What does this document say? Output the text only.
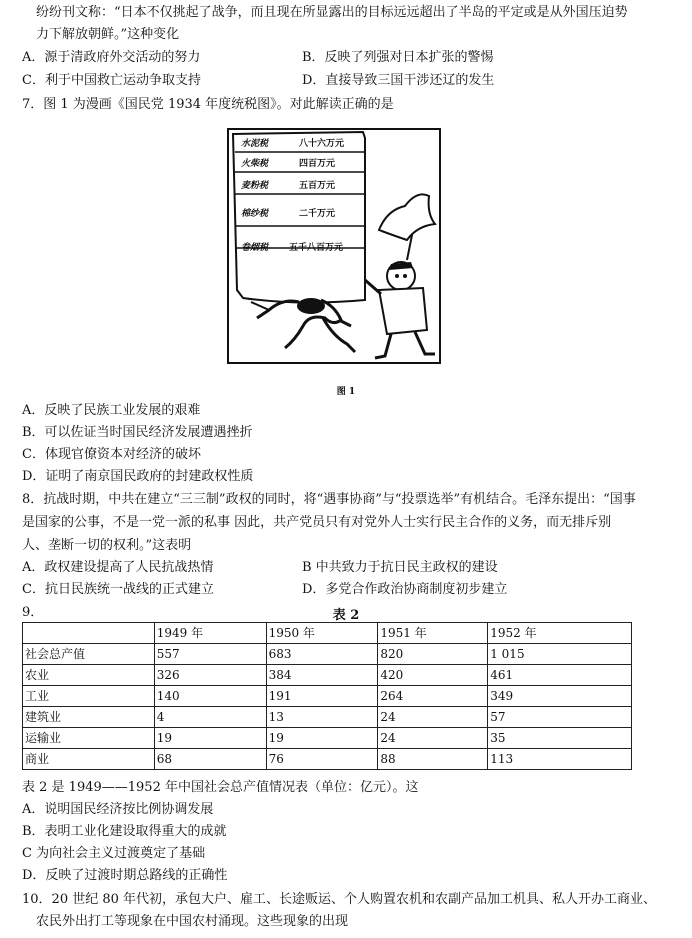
纷纷刊文称：“日本不仅挑起了战争，而且现在所显露出的目标远远超出了半岛的平定或是从外国压迫势
力下解放朝鲜。”这种变化
A．源于清政府外交活动的努力	B．反映了列强对日本扩张的警惕
C．利于中国救亡运动争取支持	D．直接导致三国干涉还辽的发生
7．图 1 为漫画《国民党 1934 年度统税图》。对此解读正确的是
水泥税	八十六万元
火柴税	四百万元
麦粉税	五百万元
棉纱税	二千万元
卷烟税 五千八百万元
图 1
A．反映了民族工业发展的艰难
B．可以佐证当时国民经济发展遭遇挫折
C．体现官僚资本对经济的破坏
D．证明了南京国民政府的封建政权性质
8．抗战时期，中共在建立“三三制”政权的同时，将“遇事协商”与“投票选举”有机结合。毛泽东提出：“国事
是国家的公事，不是一党一派的私事 因此，共产党员只有对党外人士实行民主合作的义务，而无排斥别
人、垄断一切的权利。”这表明
A．政权建设提高了人民抗战热情	B 中共致力于抗日民主政权的建设
C．抗日民族统一战线的正式建立	D．多党合作政治协商制度初步建立
9．	表 2
	1949 年	1950 年	1951 年	1952 年
社会总产值	557	683	820	1 015
农业	326	384	420	461
工业	140	191	264	349
建筑业	4	13	24	57
运输业	19	19	24	35
商业	68	76	88	113
表 2 是 1949——1952 年中国社会总产值情况表（单位：亿元）。这
A．说明国民经济按比例协调发展
B．表明工业化建设取得重大的成就
C 为向社会主义过渡奠定了基础
D．反映了过渡时期总路线的正确性
10．20 世纪 80 年代初，承包大户、雇工、长途贩运、个人购置农机和农副产品加工机具、私人开办工商业、
农民外出打工等现象在中国农村涌现。这些现象的出现
